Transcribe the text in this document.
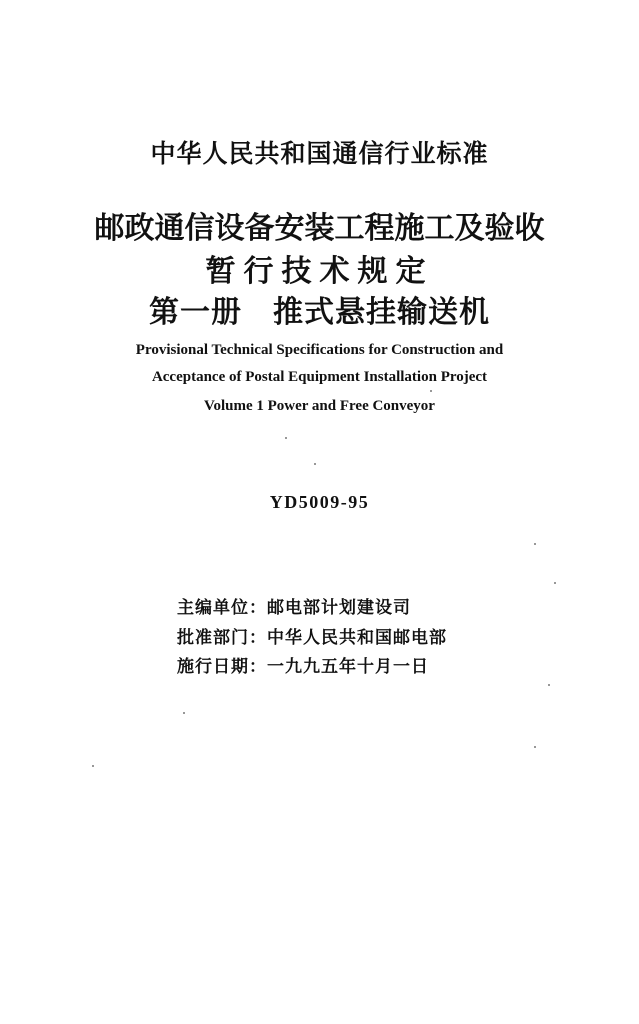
中华人民共和国通信行业标准
邮政通信设备安装工程施工及验收
暂行技术规定
第一册　推式悬挂输送机
Provisional Technical Specifications for Construction and
Acceptance of Postal Equipment Installation Project
Volume 1 Power and Free Conveyor
YD5009-95
主编单位：邮电部计划建设司
批准部门：中华人民共和国邮电部
施行日期：一九九五年十月一日
